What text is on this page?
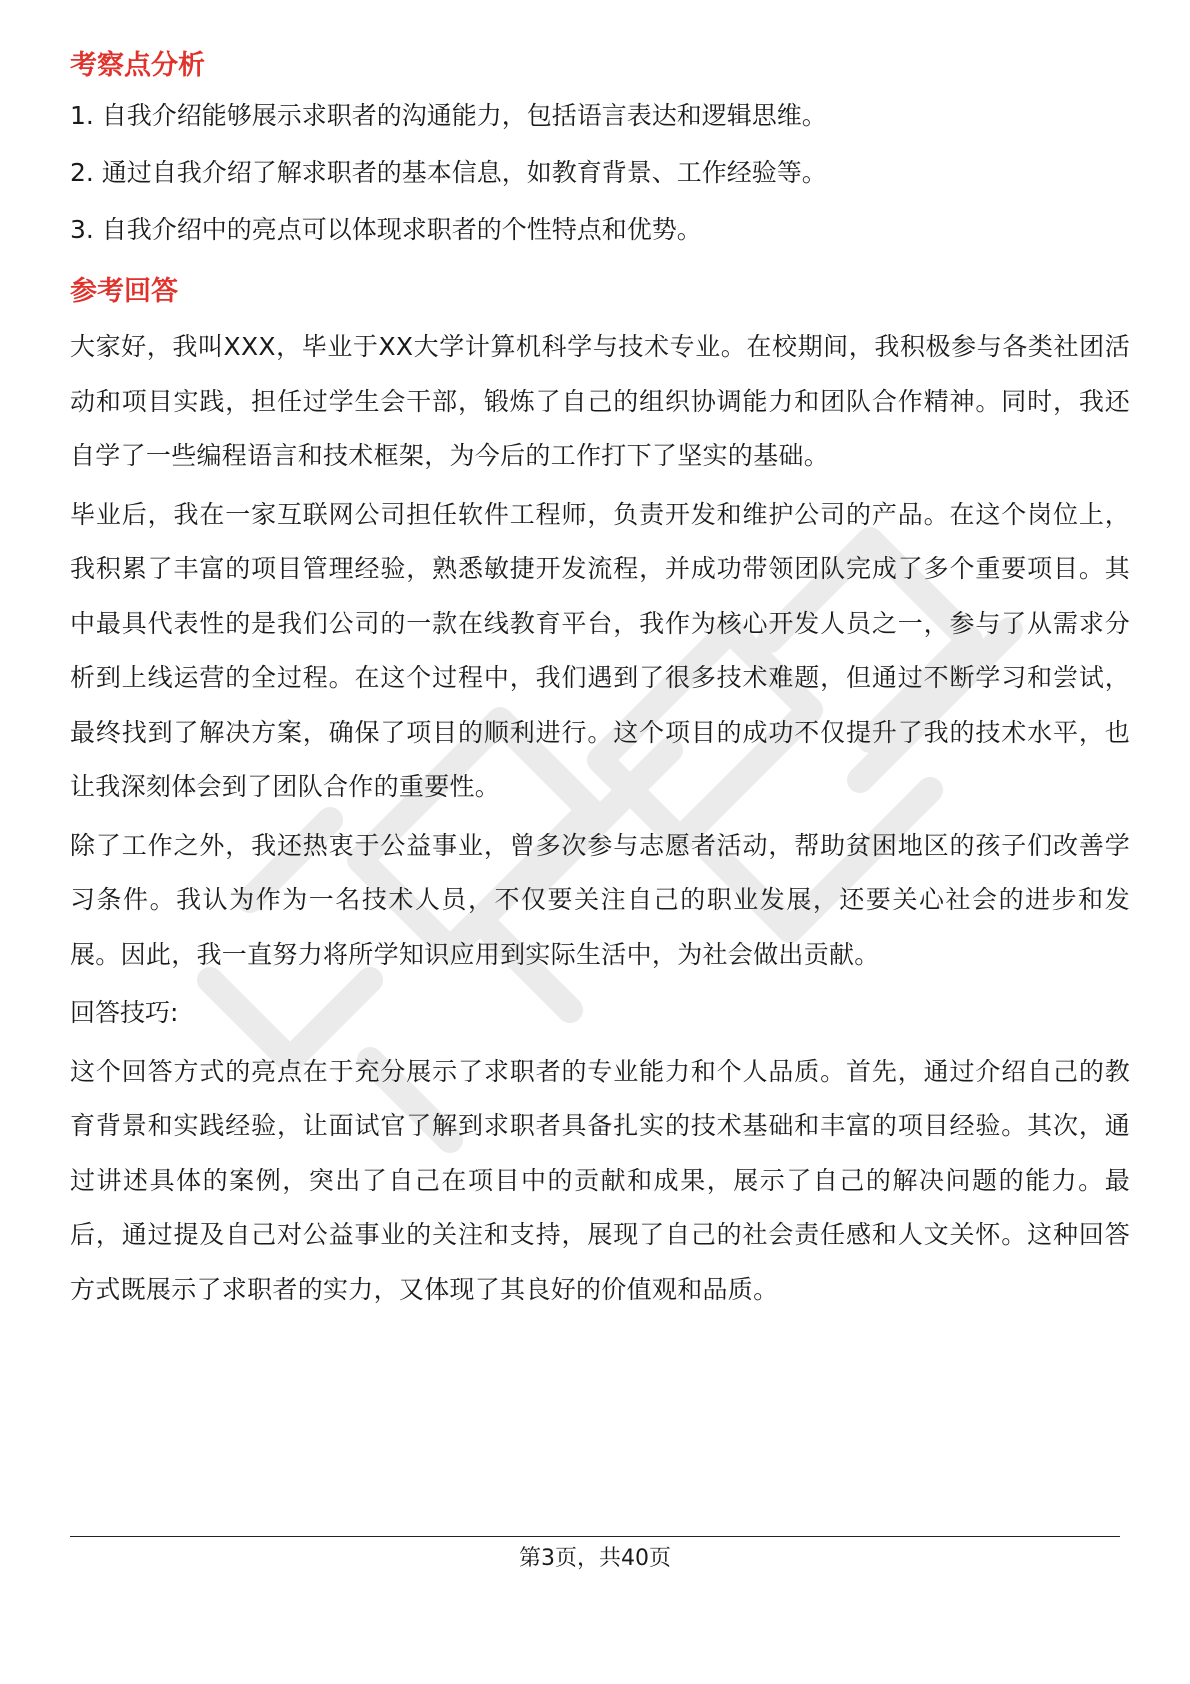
考察点分析
1. 自我介绍能够展示求职者的沟通能力，包括语言表达和逻辑思维。
2. 通过自我介绍了解求职者的基本信息，如教育背景、工作经验等。
3. 自我介绍中的亮点可以体现求职者的个性特点和优势。
参考回答

大家好，我叫XXX，毕业于XX大学计算机科学与技术专业。在校期间，我积极参与各类社团活动和项目实践，担任过学生会干部，锻炼了自己的组织协调能力和团队合作精神。同时，我还自学了一些编程语言和技术框架，为今后的工作打下了坚实的基础。

毕业后，我在一家互联网公司担任软件工程师，负责开发和维护公司的产品。在这个岗位上，我积累了丰富的项目管理经验，熟悉敏捷开发流程，并成功带领团队完成了多个重要项目。其中最具代表性的是我们公司的一款在线教育平台，我作为核心开发人员之一，参与了从需求分析到上线运营的全过程。在这个过程中，我们遇到了很多技术难题，但通过不断学习和尝试，最终找到了解决方案，确保了项目的顺利进行。这个项目的成功不仅提升了我的技术水平，也让我深刻体会到了团队合作的重要性。

除了工作之外，我还热衷于公益事业，曾多次参与志愿者活动，帮助贫困地区的孩子们改善学习条件。我认为作为一名技术人员，不仅要关注自己的职业发展，还要关心社会的进步和发展。因此，我一直努力将所学知识应用到实际生活中，为社会做出贡献。

回答技巧:

这个回答方式的亮点在于充分展示了求职者的专业能力和个人品质。首先，通过介绍自己的教育背景和实践经验，让面试官了解到求职者具备扎实的技术基础和丰富的项目经验。其次，通过讲述具体的案例，突出了自己在项目中的贡献和成果，展示了自己的解决问题的能力。最后，通过提及自己对公益事业的关注和支持，展现了自己的社会责任感和人文关怀。这种回答方式既展示了求职者的实力，又体现了其良好的价值观和品质。

第3页，共40页
